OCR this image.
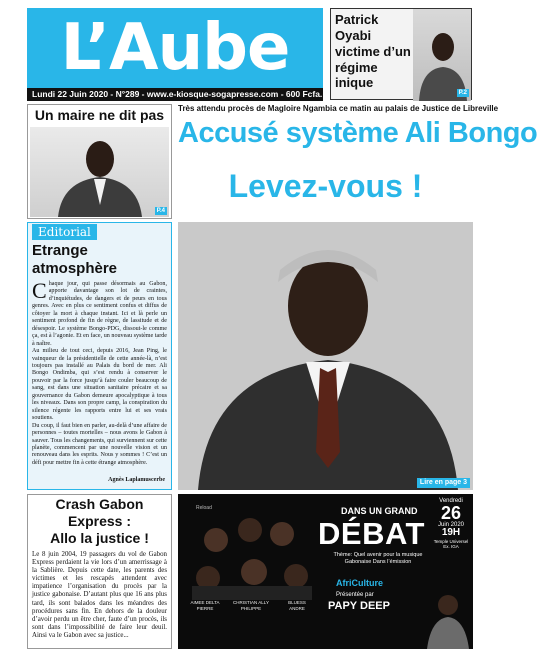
L’Aube
Lundi 22 Juin 2020 - N°289 - www.e-kiosque-sogapresse.com - 600 Fcfa.
Patrick Oyabi
victime d’un
régime inique
P.2
Un maire ne dit pas
P.4
Très attendu procès de Magloire Ngambia ce matin au palais de Justice de Libreville
Accusé système Ali Bongo
Levez-vous !
Editorial
Etrange atmosphère

Chaque jour, qui passe désormais au Gabon, apporte davantage son lot de craintes, d’inquiétudes, de dangers et de peurs en tous genres. Avec en plus ce sentiment confus et diffus de côtoyer la mort à chaque instant. Ici et là perle un sentiment profond de fin de règne, de lassitude et de désespoir. Le système Bongo-PDG, dissout-le comme ça, est à l’agonie. Et en face, un nouveau système tarde à naître.

Au milieu de tout ceci, depuis 2016, Jean Ping, le vainqueur de la présidentielle de cette année-là, n’est toujours pas installé au Palais du bord de mer. Ali Bongo Ondimba, qui s’est rendu à conserver le pouvoir par la force jusqu’à faire couler beaucoup de sang, est dans une situation sanitaire précaire et sa gouvernance du Gabon demeure apocalyptique à tous les niveaux. Dans son propre camp, la conspiration du silence régente les rapports entre lui et ses vrais soutiens.

Du coup, il faut bien en parler, au-delà d’une affaire de personnes – toutes mortelles – nous avons le Gabon à sauver. Tous les changements, qui surviennent sur cette planète, commencent par une nouvelle vision et un renouveau dans les esprits. Nous y sommes ! C’est un défi pour mettre fin à cette étrange atmosphère.

Agnès Laplamuscerbe	Lire en page 3
Crash Gabon Express :
Allo la justice !
Le 8 juin 2004, 19 passagers du vol de Gabon Express perdaient la vie lors d’un amerrissage à la Sablière. Depuis cette date, les parents des victimes et les rescapés attendent avec impatience l’organisation du procès par la justice gabonaise. D’autant plus que 16 ans plus tard, ils sont balados dans les méandres des procédures sans fin. En dehors de la douleur d’avoir perdu un être cher, faute d’un procès, ils sont dans l’impossibilité de faire leur deuil. Ainsi va le Gabon avec sa justice...
Reload	DANS UN GRAND
DÉBAT
Thème: Quel avenir pour la musique Gabonaise Dans l’émission
AfriCulture
Présentée par
PAPY DEEP
Vendredi
26
Juin 2020
19H
Temple Universel Ex. IGA
AIMEE DELTA	CHRISTIAN ALLY	BLUESS
PIERRE	PHILIPPE	ANDRE
